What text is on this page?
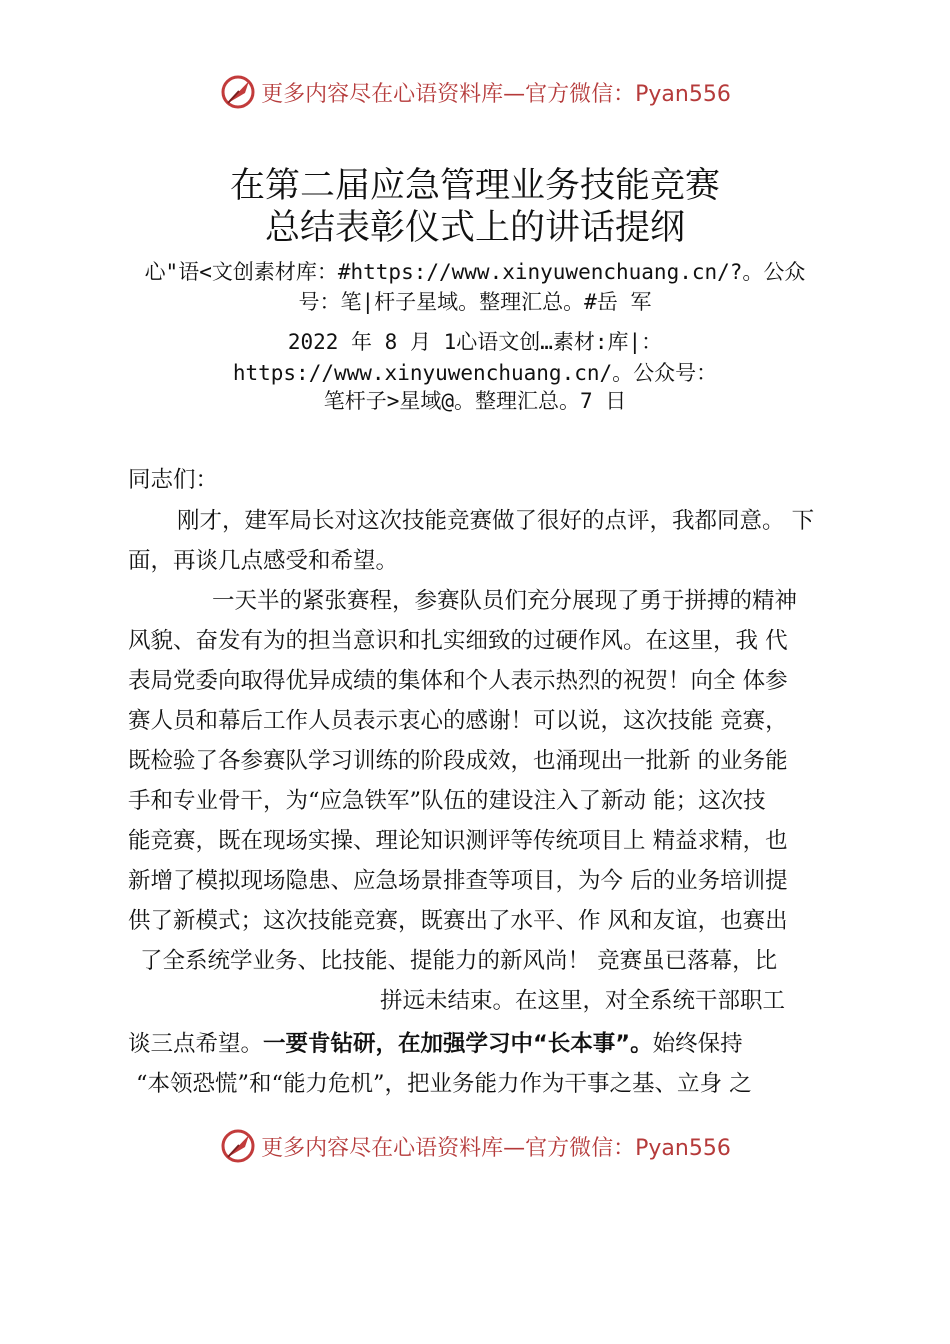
更多内容尽在心语资料库—官方微信：Pyan556
在第二届应急管理业务技能竞赛
总结表彰仪式上的讲话提纲
心"语<文创素材库：#https://www.xinyuwenchuang.cn/?。公众
号：笔|杆子星域。整理汇总。#岳 军
2022 年 8 月 1心语文创…素材:库|：
https://www.xinyuwenchuang.cn/。公众号：
笔杆子>星域@。整理汇总。7 日
同志们：
刚才，建军局长对这次技能竞赛做了很好的点评，我都同意。 下
面，再谈几点感受和希望。
一天半的紧张赛程，参赛队员们充分展现了勇于拼搏的精神
风貌、奋发有为的担当意识和扎实细致的过硬作风。在这里，我 代
表局党委向取得优异成绩的集体和个人表示热烈的祝贺！向全 体参
赛人员和幕后工作人员表示衷心的感谢！可以说，这次技能 竞赛，
既检验了各参赛队学习训练的阶段成效，也涌现出一批新 的业务能
手和专业骨干，为“应急铁军”队伍的建设注入了新动 能；这次技
能竞赛，既在现场实操、理论知识测评等传统项目上 精益求精，也
新增了模拟现场隐患、应急场景排查等项目，为今 后的业务培训提
供了新模式；这次技能竞赛，既赛出了水平、作 风和友谊，也赛出
了全系统学业务、比技能、提能力的新风尚！ 竞赛虽已落幕，比
拼远未结束。在这里，对全系统干部职工
谈三点希望。一要肯钻研，在加强学习中“长本事”。始终保持
“本领恐慌”和“能力危机”，把业务能力作为干事之基、立身 之
更多内容尽在心语资料库—官方微信：Pyan556
